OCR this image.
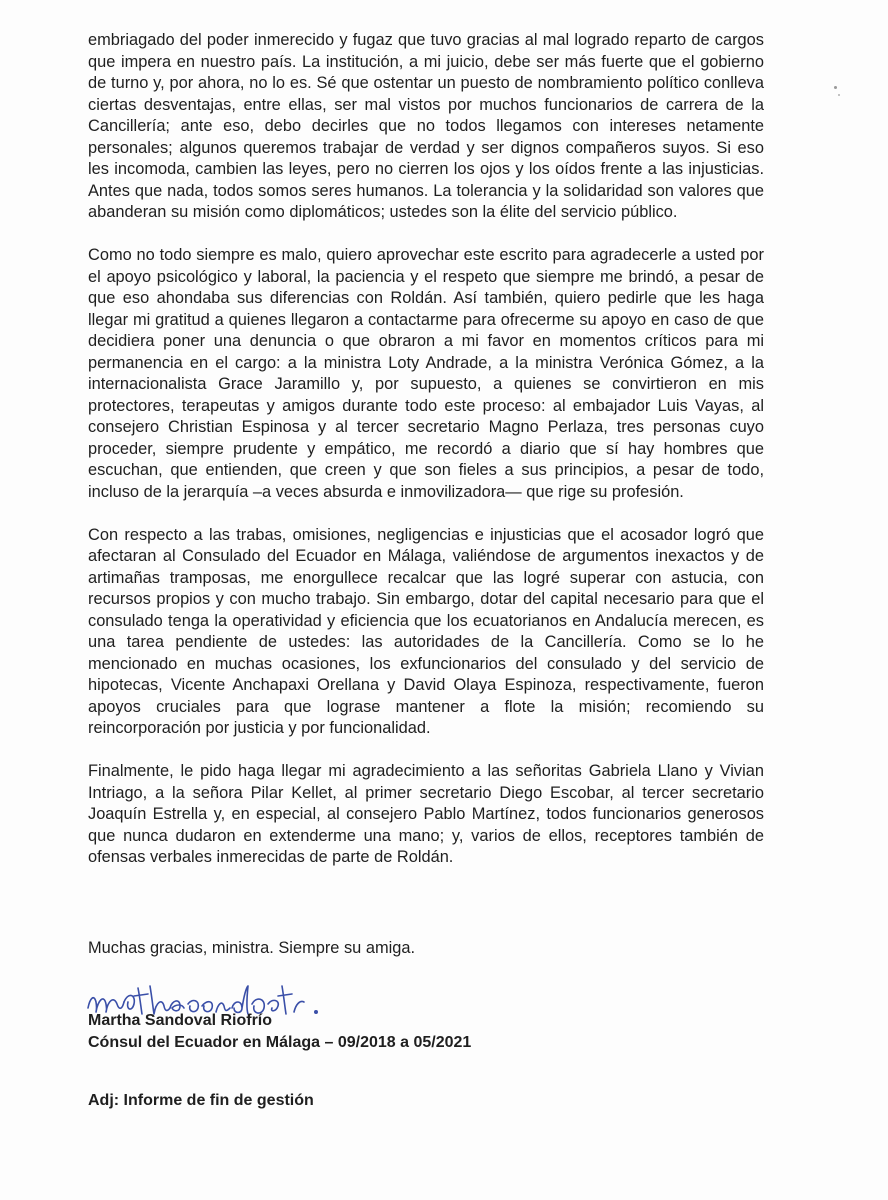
embriagado del poder inmerecido y fugaz que tuvo gracias al mal logrado reparto de cargos que impera en nuestro país. La institución, a mi juicio, debe ser más fuerte que el gobierno de turno y, por ahora, no lo es. Sé que ostentar un puesto de nombramiento político conlleva ciertas desventajas, entre ellas, ser mal vistos por muchos funcionarios de carrera de la Cancillería; ante eso, debo decirles que no todos llegamos con intereses netamente personales; algunos queremos trabajar de verdad y ser dignos compañeros suyos. Si eso les incomoda, cambien las leyes, pero no cierren los ojos y los oídos frente a las injusticias. Antes que nada, todos somos seres humanos. La tolerancia y la solidaridad son valores que abanderan su misión como diplomáticos; ustedes son la élite del servicio público.

Como no todo siempre es malo, quiero aprovechar este escrito para agradecerle a usted por el apoyo psicológico y laboral, la paciencia y el respeto que siempre me brindó, a pesar de que eso ahondaba sus diferencias con Roldán. Así también, quiero pedirle que les haga llegar mi gratitud a quienes llegaron a contactarme para ofrecerme su apoyo en caso de que decidiera poner una denuncia o que obraron a mi favor en momentos críticos para mi permanencia en el cargo: a la ministra Loty Andrade, a la ministra Verónica Gómez, a la internacionalista Grace Jaramillo y, por supuesto, a quienes se convirtieron en mis protectores, terapeutas y amigos durante todo este proceso: al embajador Luis Vayas, al consejero Christian Espinosa y al tercer secretario Magno Perlaza, tres personas cuyo proceder, siempre prudente y empático, me recordó a diario que sí hay hombres que escuchan, que entienden, que creen y que son fieles a sus principios, a pesar de todo, incluso de la jerarquía –a veces absurda e inmovilizadora— que rige su profesión.

Con respecto a las trabas, omisiones, negligencias e injusticias que el acosador logró que afectaran al Consulado del Ecuador en Málaga, valiéndose de argumentos inexactos y de artimañas tramposas, me enorgullece recalcar que las logré superar con astucia, con recursos propios y con mucho trabajo. Sin embargo, dotar del capital necesario para que el consulado tenga la operatividad y eficiencia que los ecuatorianos en Andalucía merecen, es una tarea pendiente de ustedes: las autoridades de la Cancillería. Como se lo he mencionado en muchas ocasiones, los exfuncionarios del consulado y del servicio de hipotecas, Vicente Anchapaxi Orellana y David Olaya Espinoza, respectivamente, fueron apoyos cruciales para que lograse mantener a flote la misión; recomiendo su reincorporación por justicia y por funcionalidad.

Finalmente, le pido haga llegar mi agradecimiento a las señoritas Gabriela Llano y Vivian Intriago, a la señora Pilar Kellet, al primer secretario Diego Escobar, al tercer secretario Joaquín Estrella y, en especial, al consejero Pablo Martínez, todos funcionarios generosos que nunca dudaron en extenderme una mano; y, varios de ellos, receptores también de ofensas verbales inmerecidas de parte de Roldán.

Muchas gracias, ministra. Siempre su amiga.
Martha Sandoval Riofrío
Cónsul del Ecuador en Málaga – 09/2018 a 05/2021
Adj: Informe de fin de gestión
